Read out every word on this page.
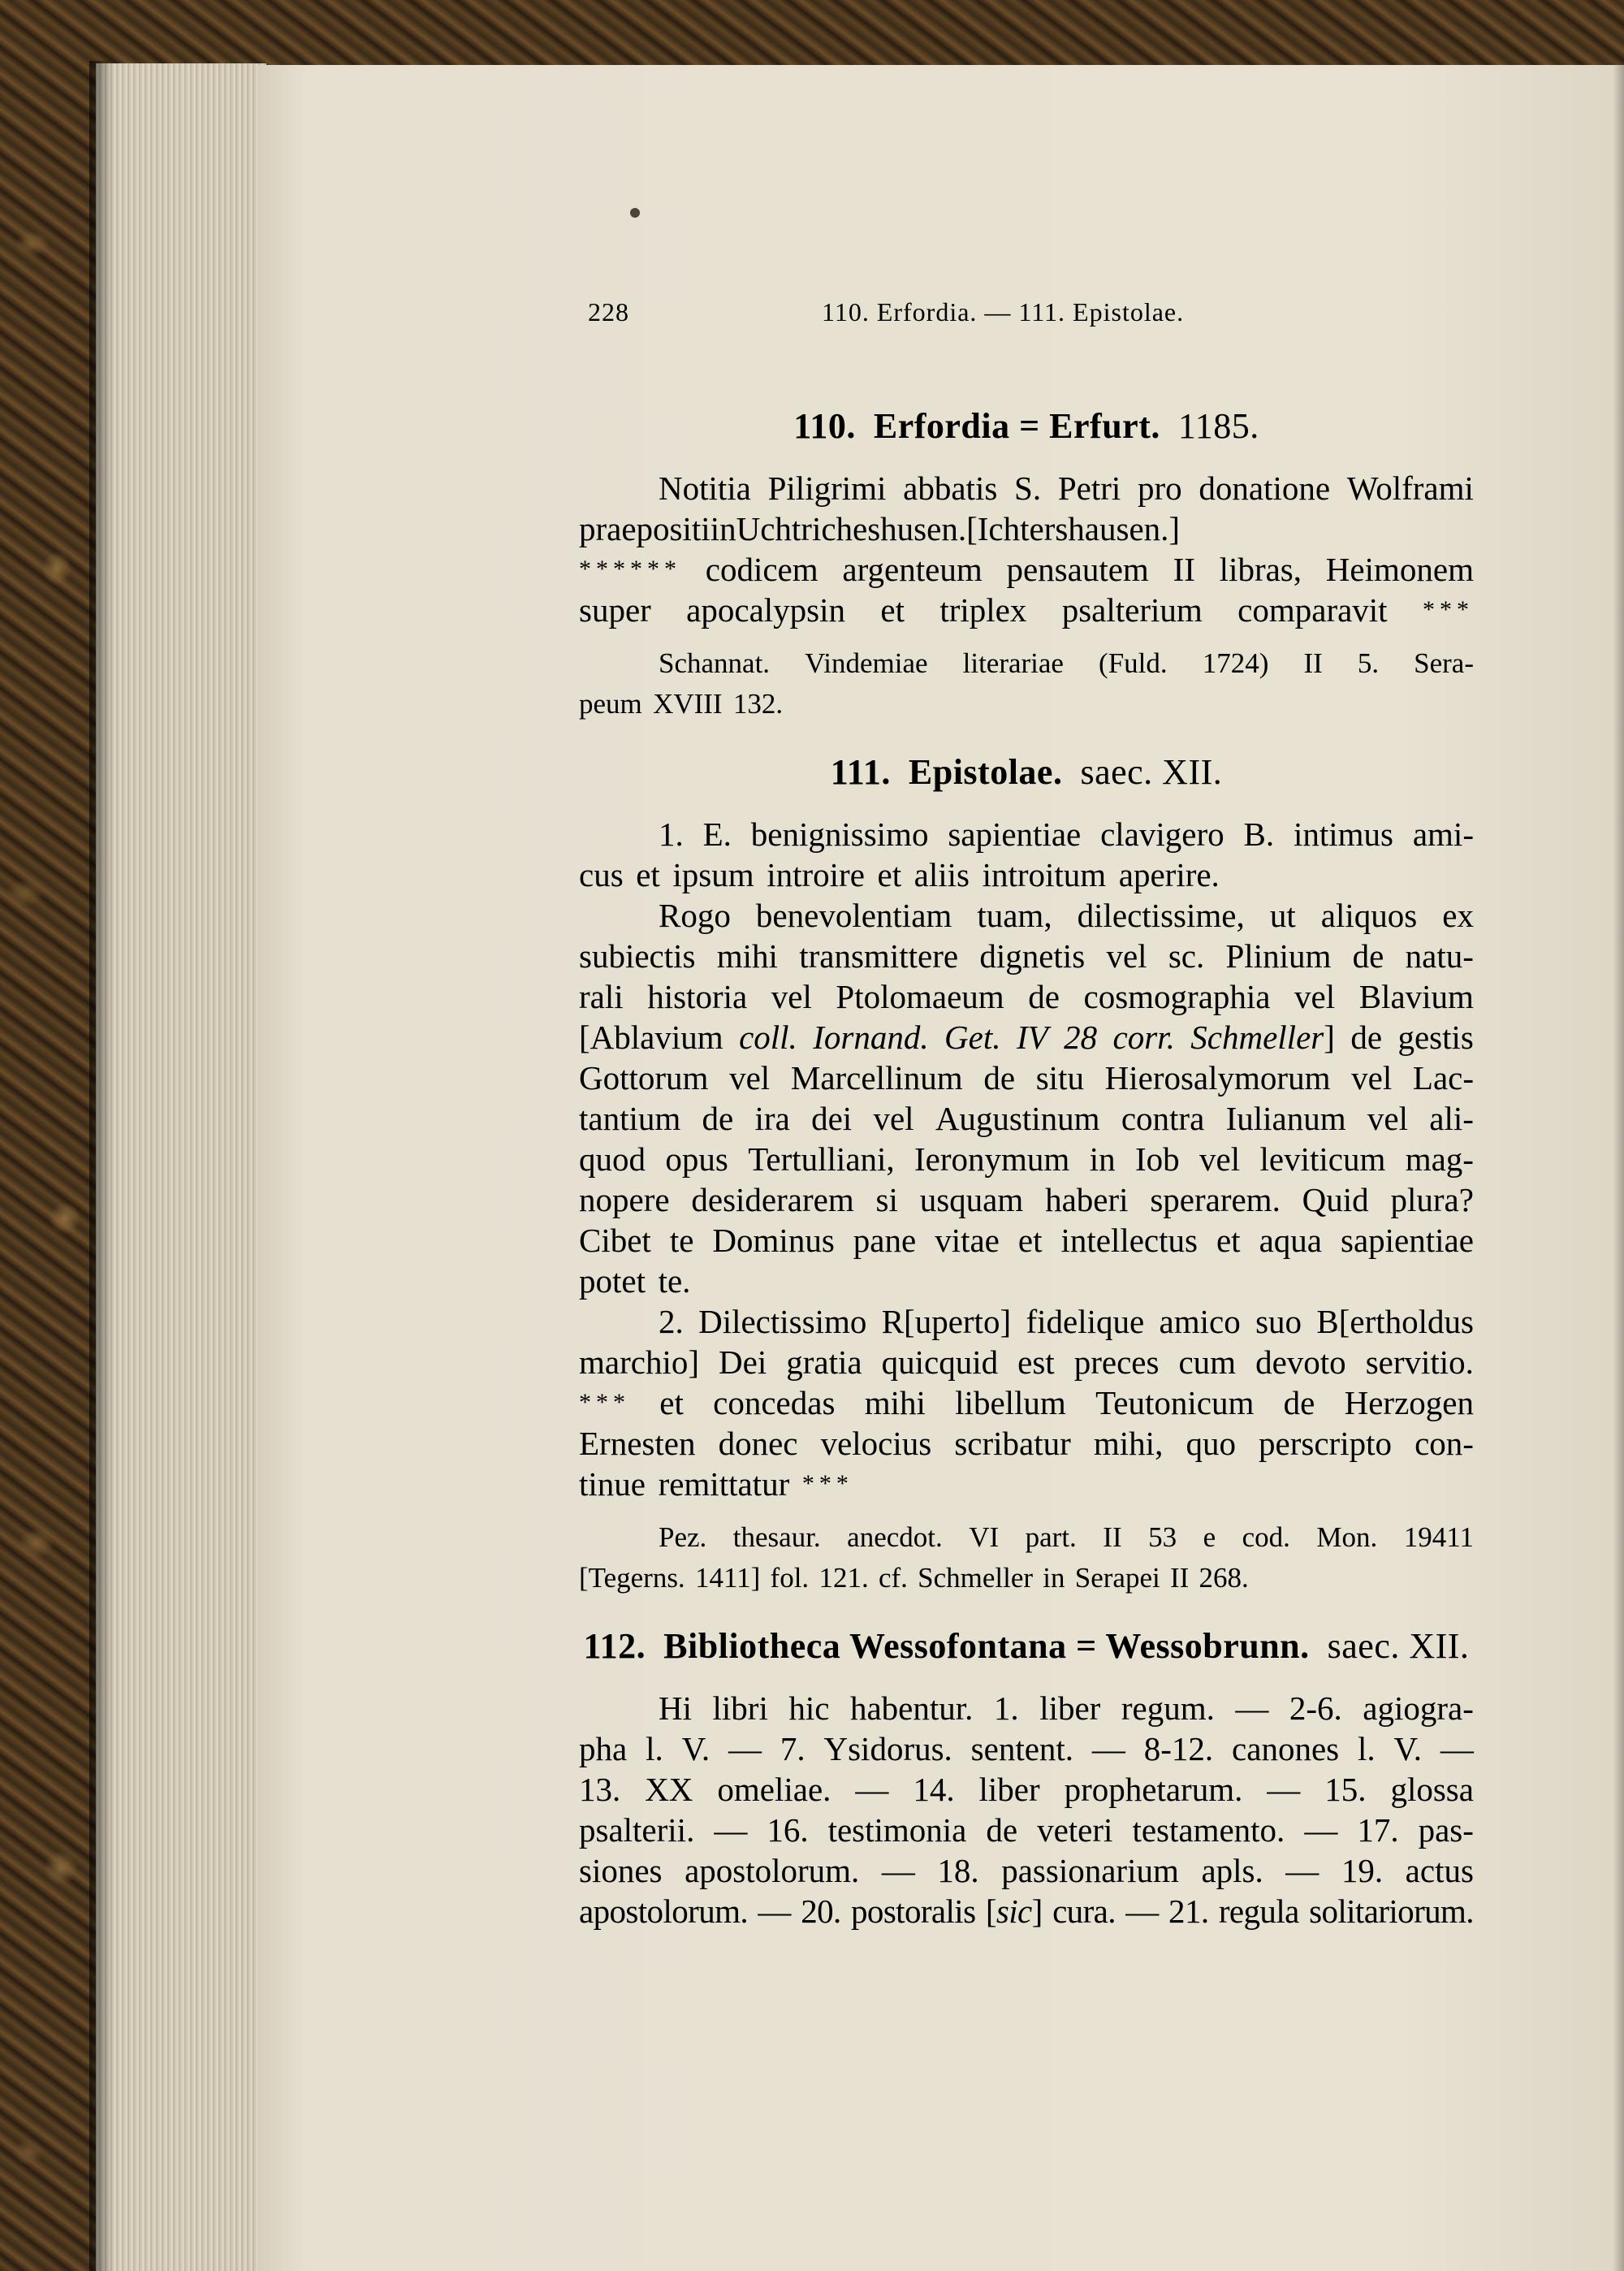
228	110. Erfordia. — 111. Epistolae.
110. Erfordia = Erfurt. 1185.
Notitia Piligrimi abbatis S. Petri pro donatione Wolframi
praepositi in Uchtricheshusen. [Ichtershausen.]
****** codicem argenteum pensautem II libras, Heimonem
super apocalypsin et triplex psalterium comparavit ***
Schannat. Vindemiae literariae (Fuld. 1724) II 5. Sera-
peum XVIII 132.
111. Epistolae. saec. XII.
1. E. benignissimo sapientiae clavigero B. intimus ami-
cus et ipsum introire et aliis introitum aperire.
Rogo benevolentiam tuam, dilectissime, ut aliquos ex
subiectis mihi transmittere dignetis vel sc. Plinium de natu-
rali historia vel Ptolomaeum de cosmographia vel Blavium
[Ablavium coll. Iornand. Get. IV 28 corr. Schmeller] de gestis
Gottorum vel Marcellinum de situ Hierosalymorum vel Lac-
tantium de ira dei vel Augustinum contra Iulianum vel ali-
quod opus Tertulliani, Ieronymum in Iob vel leviticum mag-
nopere desiderarem si usquam haberi sperarem. Quid plura?
Cibet te Dominus pane vitae et intellectus et aqua sapientiae
potet te.
2. Dilectissimo R[uperto] fidelique amico suo B[ertholdus
marchio] Dei gratia quicquid est preces cum devoto servitio.
*** et concedas mihi libellum Teutonicum de Herzogen
Ernesten donec velocius scribatur mihi, quo perscripto con-
tinue remittatur ***
Pez. thesaur. anecdot. VI part. II 53 e cod. Mon. 19411
[Tegerns. 1411] fol. 121. cf. Schmeller in Serapei II 268.
112. Bibliotheca Wessofontana = Wessobrunn. saec. XII.
Hi libri hic habentur. 1. liber regum. — 2-6. agiogra-
pha l. V. — 7. Ysidorus. sentent. — 8-12. canones l. V. —
13. XX omeliae. — 14. liber prophetarum. — 15. glossa
psalterii. — 16. testimonia de veteri testamento. — 17. pas-
siones apostolorum. — 18. passionarium apls. — 19. actus
apostolorum. — 20. postoralis [sic] cura. — 21. regula solitariorum.
